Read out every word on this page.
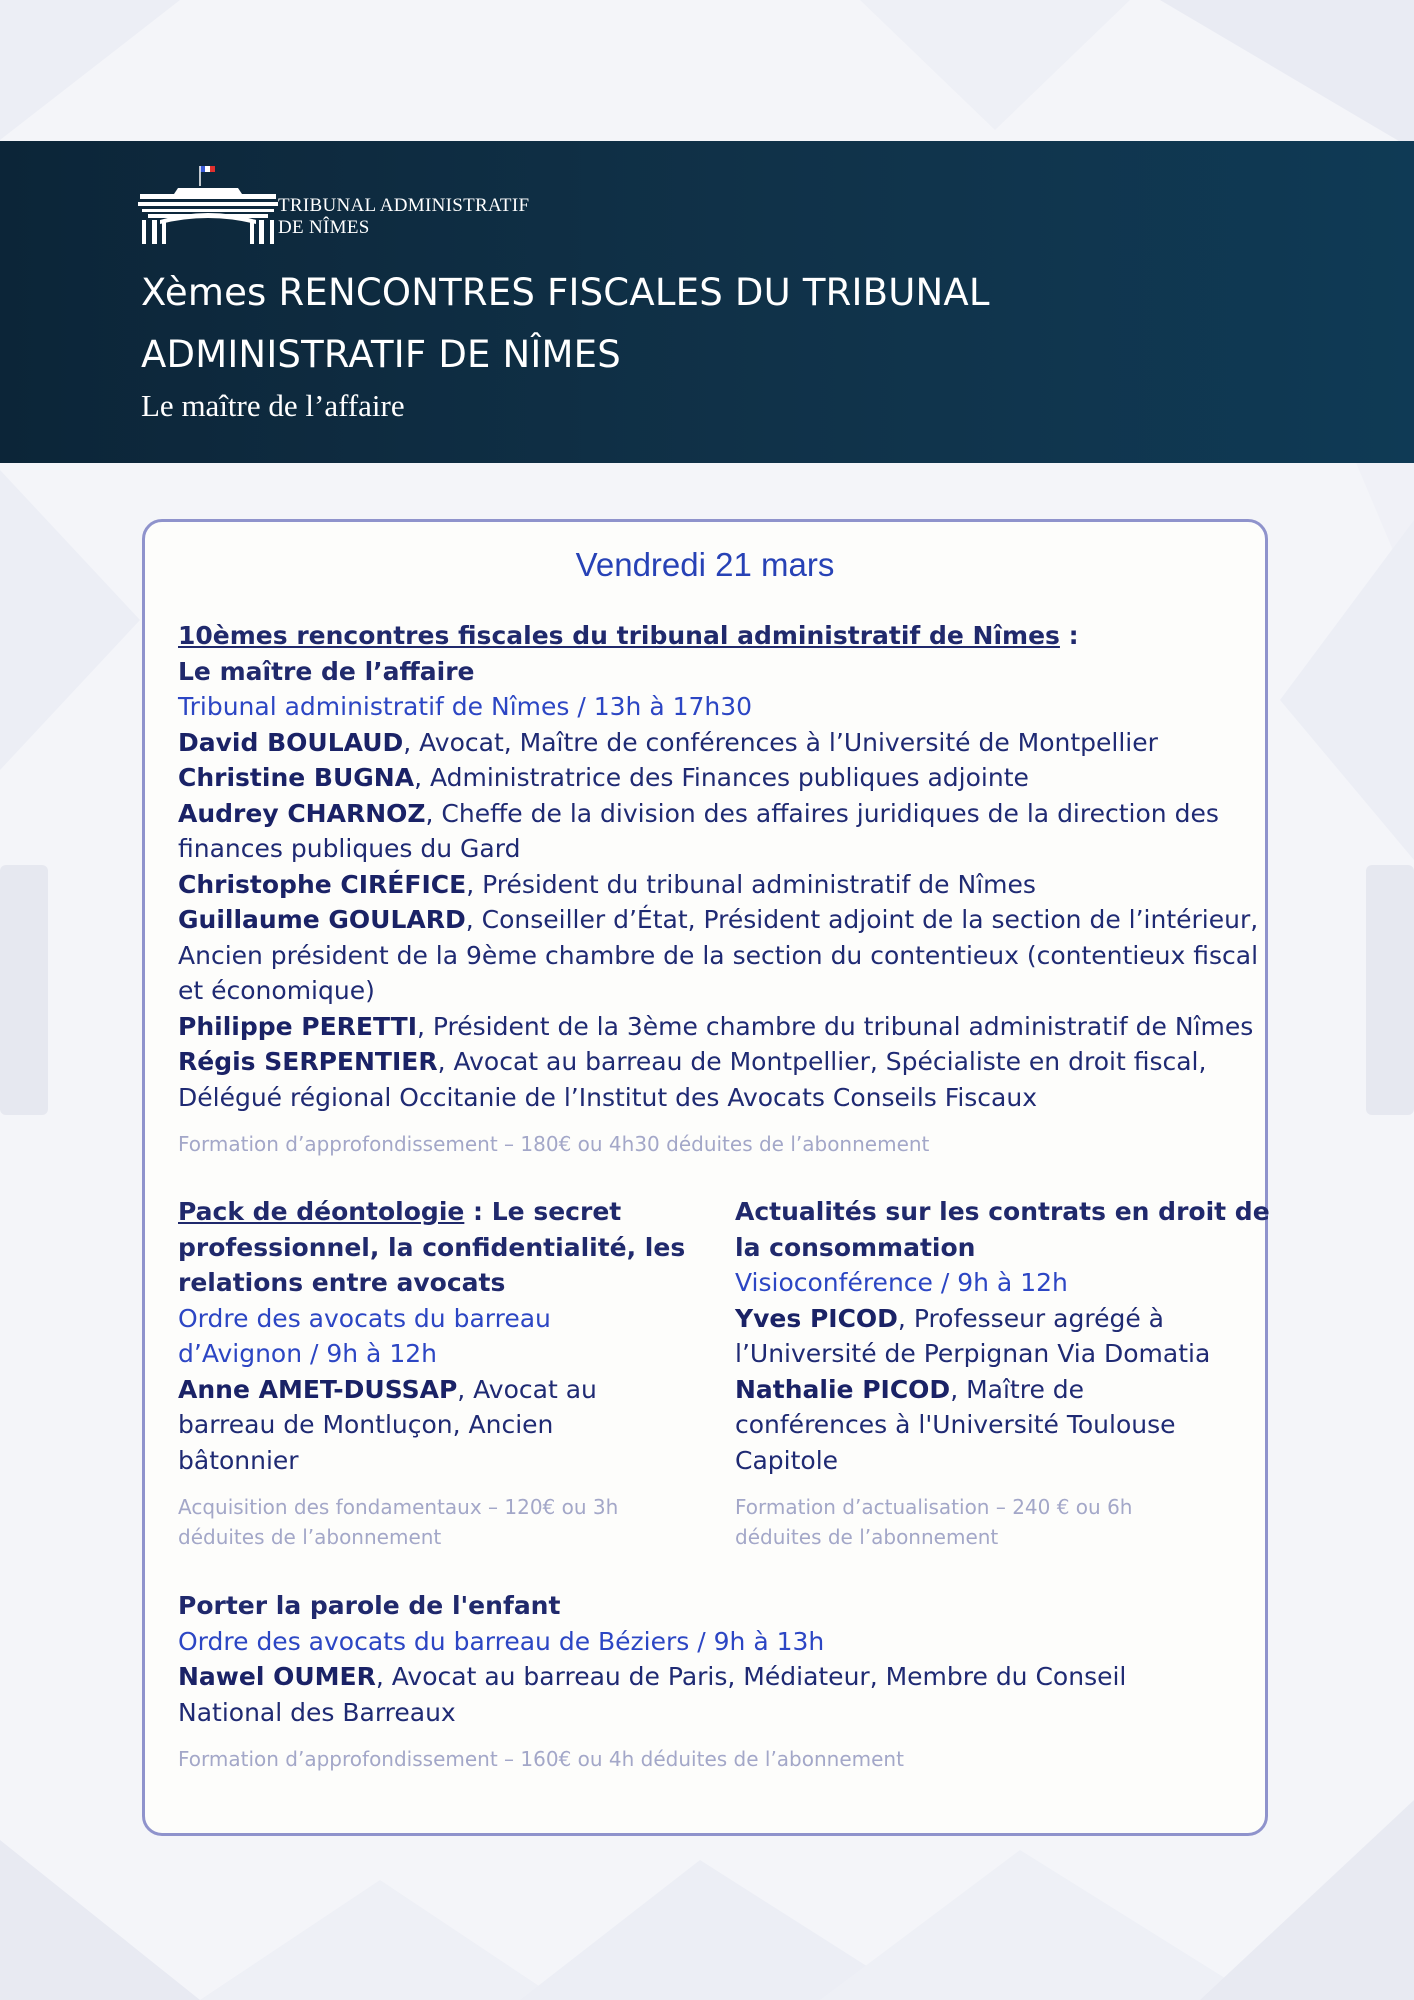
TRIBUNAL ADMINISTRATIF
DE NÎMES
Xèmes RENCONTRES FISCALES DU TRIBUNAL
ADMINISTRATIF DE NÎMES
Le maître de l’affaire
Vendredi 21 mars
10èmes rencontres fiscales du tribunal administratif de Nîmes :
Le maître de l’affaire
Tribunal administratif de Nîmes / 13h à 17h30
David BOULAUD, Avocat, Maître de conférences à l’Université de Montpellier
Christine BUGNA, Administratrice des Finances publiques adjointe
Audrey CHARNOZ, Cheffe de la division des affaires juridiques de la direction des
finances publiques du Gard
Christophe CIRÉFICE, Président du tribunal administratif de Nîmes
Guillaume GOULARD, Conseiller d’État, Président adjoint de la section de l’intérieur,
Ancien président de la 9ème chambre de la section du contentieux (contentieux fiscal
et économique)
Philippe PERETTI, Président de la 3ème chambre du tribunal administratif de Nîmes
Régis SERPENTIER, Avocat au barreau de Montpellier, Spécialiste en droit fiscal,
Délégué régional Occitanie de l’Institut des Avocats Conseils Fiscaux
Formation d’approfondissement – 180€ ou 4h30 déduites de l’abonnement
Pack de déontologie : Le secret
professionnel, la confidentialité, les
relations entre avocats
Ordre des avocats du barreau
d’Avignon / 9h à 12h
Anne AMET-DUSSAP, Avocat au
barreau de Montluçon, Ancien
bâtonnier
Acquisition des fondamentaux – 120€ ou 3h
déduites de l’abonnement
Actualités sur les contrats en droit de
la consommation
Visioconférence / 9h à 12h
Yves PICOD, Professeur agrégé à
l’Université de Perpignan Via Domatia
Nathalie PICOD, Maître de
conférences à l'Université Toulouse
Capitole
Formation d’actualisation – 240 € ou 6h
déduites de l’abonnement
Porter la parole de l'enfant
Ordre des avocats du barreau de Béziers / 9h à 13h
Nawel OUMER, Avocat au barreau de Paris, Médiateur, Membre du Conseil
National des Barreaux
Formation d’approfondissement – 160€ ou 4h déduites de l’abonnement
